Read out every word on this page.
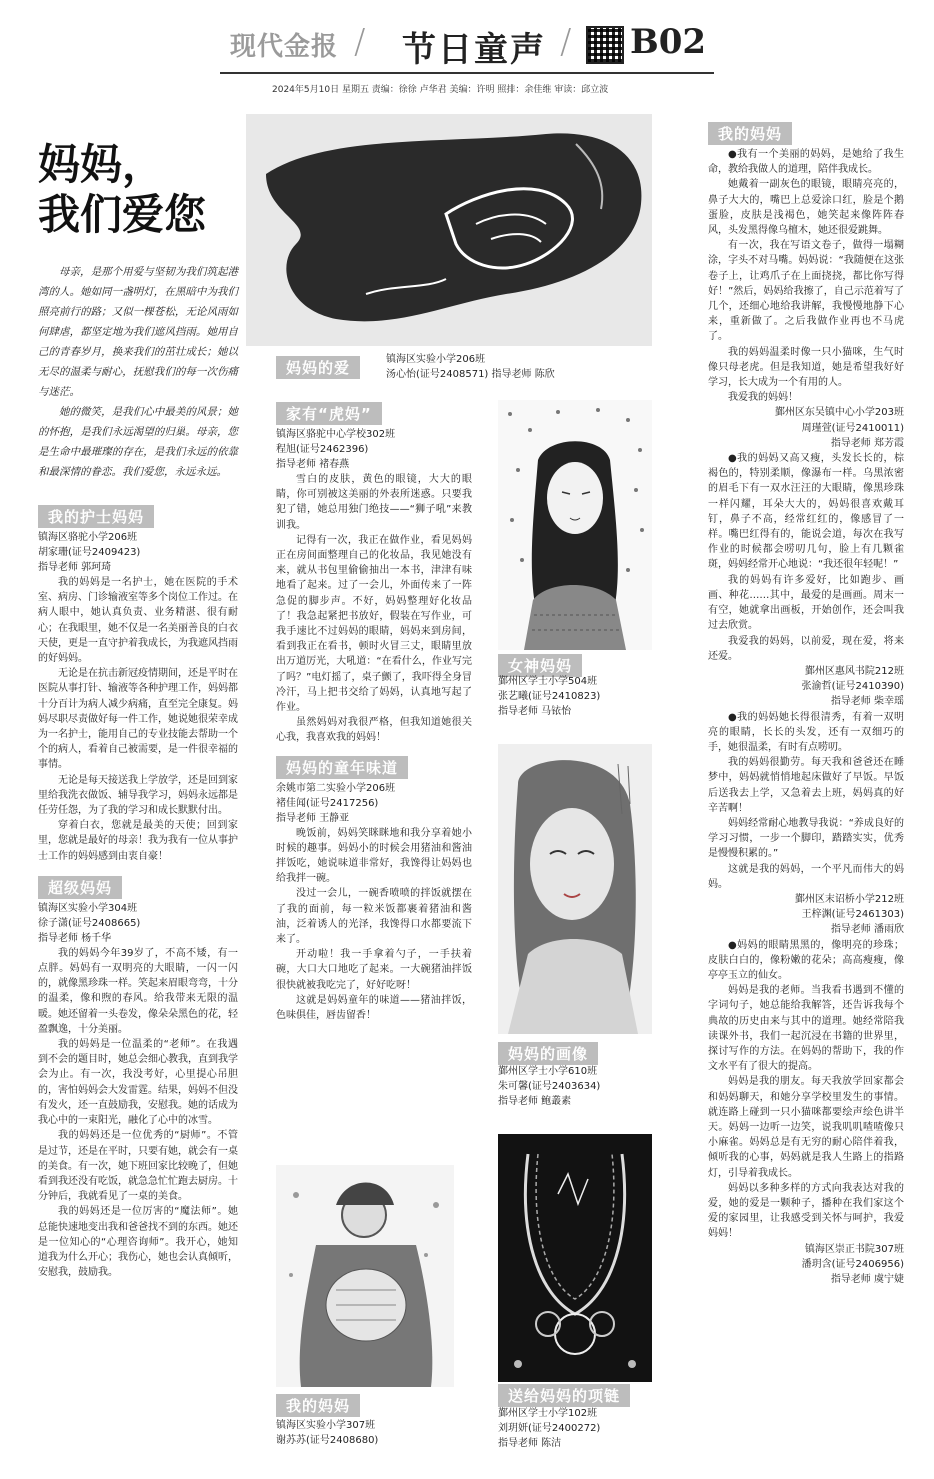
现代金报 / 节日童声 / B02
2024年5月10日 星期五 责编：徐徐 卢华君 美编：许明 照排：余佳维 审读：邱立波
妈妈，
我们爱您

母亲，是那个用爱与坚韧为我们筑起港湾的人。她如同一盏明灯，在黑暗中为我们照亮前行的路；又似一棵苍松，无论风雨如何肆虐，都坚定地为我们遮风挡雨。她用自己的青春岁月，换来我们的茁壮成长；她以无尽的温柔与耐心，抚慰我们的每一次伤痛与迷茫。

她的微笑，是我们心中最美的风景；她的怀抱，是我们永远渴望的归巢。母亲，您是生命中最璀璨的存在，是我们永远的依靠和最深情的眷恋。我们爱您，永远永远。

妈妈的爱	镇海区实验小学206班
汤心怡(证号2408571) 指导老师 陈欣
我的护士妈妈
镇海区骆驼小学206班
胡家珊(证号2409423)
指导老师 郭珂琦

我的妈妈是一名护士，她在医院的手术室、病房、门诊输液室等多个岗位工作过。在病人眼中，她认真负责、业务精湛、很有耐心；在我眼里，她不仅是一名美丽善良的白衣天使，更是一直守护着我成长，为我遮风挡雨的好妈妈。

无论是在抗击新冠疫情期间，还是平时在医院从事打针、输液等各种护理工作，妈妈都十分百计为病人减少病痛，直至完全康复。妈妈尽职尽责做好每一件工作，她说她很荣幸成为一名护士，能用自己的专业技能去帮助一个个的病人，看着自己被需要，是一件很幸福的事情。

无论是每天接送我上学放学，还是回到家里给我洗衣做饭、辅导我学习，妈妈永远都是任劳任怨，为了我的学习和成长默默付出。

穿着白衣，您就是最美的天使；回到家里，您就是最好的母亲！我为我有一位从事护士工作的妈妈感到由衷自豪！

超级妈妈
镇海区实验小学304班
徐子潇(证号2408665)
指导老师 杨千华

我的妈妈今年39岁了，不高不矮，有一点胖。妈妈有一双明亮的大眼睛，一闪一闪的，就像黑珍珠一样。笑起来眉眼弯弯，十分的温柔，像和煦的春风。给我带来无限的温暖。她还留着一头卷发，像朵朵黑色的花，轻盈飘逸，十分美丽。

我的妈妈是一位温柔的“老师”。在我遇到不会的题目时，她总会细心教我，直到我学会为止。有一次，我没考好，心里提心吊胆的，害怕妈妈会大发雷霆。结果，妈妈不但没有发火，还一直鼓励我，安慰我。她的话成为我心中的一束阳光，融化了心中的冰雪。

我的妈妈还是一位优秀的“厨师”。不管是过节，还是在平时，只要有她，就会有一桌的美食。有一次，她下班回家比较晚了，但她看到我还没有吃饭，就急急忙忙跑去厨房。十分钟后，我就看见了一桌的美食。

我的妈妈还是一位厉害的“魔法师”。她总能快速地变出我和爸爸找不到的东西。她还是一位知心的“心理咨询师”。我开心，她知道我为什么开心；我伤心，她也会认真倾听，安慰我，鼓励我。

家有“虎妈”
镇海区骆驼中心学校302班
程旭(证号2462396)
指导老师 褚春燕

雪白的皮肤，黄色的眼镜，大大的眼睛，你可别被这美丽的外表所迷惑。只要我犯了错，她总用独门绝技——“狮子吼”来教训我。

记得有一次，我正在做作业，看见妈妈正在房间面整理自己的化妆品，我见她没有来，就从书包里偷偷抽出一本书，津津有味地看了起来。过了一会儿，外面传来了一阵急促的脚步声。不好，妈妈整理好化妆品了！我急起紧把书放好，假装在写作业，可我手速比不过妈妈的眼睛，妈妈来到房间，看到我正在看书，顿时火冒三丈，眼睛里放出万道厉光，大吼道：“在看什么，作业写完了吗？”电灯摇了，桌子颤了，我吓得全身冒冷汗，马上把书交给了妈妈，认真地写起了作业。

虽然妈妈对我很严格，但我知道她很关心我，我喜欢我的妈妈！

妈妈的童年味道
余姚市第二实验小学206班
褚佳闻(证号2417256)
指导老师 王静亚

晚饭前，妈妈笑眯眯地和我分享着她小时候的趣事。妈妈小的时候会用猪油和酱油拌饭吃，她说味道非常好，我馋得让妈妈也给我拌一碗。

没过一会儿，一碗香喷喷的拌饭就摆在了我的面前，每一粒米饭都裹着猪油和酱油，泛着诱人的光泽，我馋得口水都要流下来了。

开动啦！我一手拿着勺子，一手扶着碗，大口大口地吃了起来。一大碗猪油拌饭很快就被我吃完了，好好吃呀！

这就是妈妈童年的味道——猪油拌饭，色味俱佳，唇齿留香！

我的妈妈
镇海区实验小学307班
谢苏苏(证号2408680)
女神妈妈
鄞州区学士小学504班
张艺曦(证号2410823)
指导老师 马铱怡
妈妈的画像
鄞州区学士小学610班
朱可馨(证号2403634)
指导老师 鲍叢素
送给妈妈的项链
鄞州区学士小学102班
刘玥妍(证号2400272)
指导老师 陈洁
我的妈妈

●我有一个美丽的妈妈，是她给了我生命，教给我做人的道理，陪伴我成长。

她戴着一副灰色的眼镜，眼睛亮亮的，鼻子大大的，嘴巴上总爱涂口红，脸是个鹅蛋脸，皮肤是浅褐色，她笑起来像阵阵春风，头发黑得像乌檀木，她还很爱跳舞。

有一次，我在写语文卷子，做得一塌糊涂，字头不对马嘴。妈妈说：“我随便在这张卷子上，让鸡爪子在上面挠挠，都比你写得好！”然后，妈妈给我擦了，自己示范着写了几个，还细心地给我讲解，我慢慢地静下心来，重新做了。之后我做作业再也不马虎了。

我的妈妈温柔时像一只小猫咪，生气时像只母老虎。但是我知道，她是希望我好好学习，长大成为一个有用的人。

我爱我的妈妈！

鄞州区东吴镇中心小学203班

周瑾萱(证号2410011)

指导老师 郑芳霞

●我的妈妈又高又瘦，头发长长的，棕褐色的，特别柔顺，像瀑布一样。乌黑浓密的眉毛下有一双水汪汪的大眼睛，像黑珍珠一样闪耀，耳朵大大的，妈妈很喜欢戴耳钉，鼻子不高，经常红红的，像感冒了一样。嘴巴红得有的，能说会道，每次在我写作业的时候都会唠叨几句，脸上有几颗雀斑，妈妈经常开心地说：“我还很年轻呢！”

我的妈妈有许多爱好，比如跑步、画画、种花……其中，最爱的是画画。周末一有空，她就拿出画板，开始创作，还会叫我过去欣赏。

我爱我的妈妈，以前爱，现在爱，将来还爱。

鄞州区惠风书院212班

张渝哲(证号2410390)

指导老师 柴幸瑶

●我的妈妈她长得很清秀，有着一双明亮的眼睛，长长的头发，还有一双细巧的手，她很温柔，有时有点唠叨。

我的妈妈很勤劳。每天我和爸爸还在睡梦中，妈妈就悄悄地起床做好了早饭。早饭后送我去上学，又急着去上班，妈妈真的好辛苦啊！

妈妈经常耐心地教导我说：“养成良好的学习习惯，一步一个脚印，踏踏实实，优秀是慢慢积累的。”

这就是我的妈妈，一个平凡而伟大的妈妈。

鄞州区末诏桥小学212班

王梓渊(证号2461303)

指导老师 潘雨欣

●妈妈的眼睛黑黑的，像明亮的珍珠；皮肤白白的，像粉嫩的花朵；高高瘦瘦，像亭亭玉立的仙女。

妈妈是我的老师。当我看书遇到不懂的字词句子，她总能给我解答，还告诉我每个典故的历史由来与其中的道理。她经常陪我读课外书，我们一起沉浸在书籍的世界里，探讨写作的方法。在妈妈的帮助下，我的作文水平有了很大的提高。

妈妈是我的朋友。每天我放学回家都会和妈妈聊天，和她分享学校里发生的事情。就连路上碰到一只小猫咪都要绘声绘色讲半天。妈妈一边听一边笑，说我叽叽喳喳像只小麻雀。妈妈总是有无穷的耐心陪伴着我，倾听我的心事，妈妈就是我人生路上的指路灯，引导着我成长。

妈妈以多种多样的方式向我表达对我的爱，她的爱是一颗种子，播种在我们家这个爱的家园里，让我感受到关怀与呵护，我爱妈妈！

镇海区崇正书院307班

潘玥含(证号2406956)

指导老师 虞宁婕
